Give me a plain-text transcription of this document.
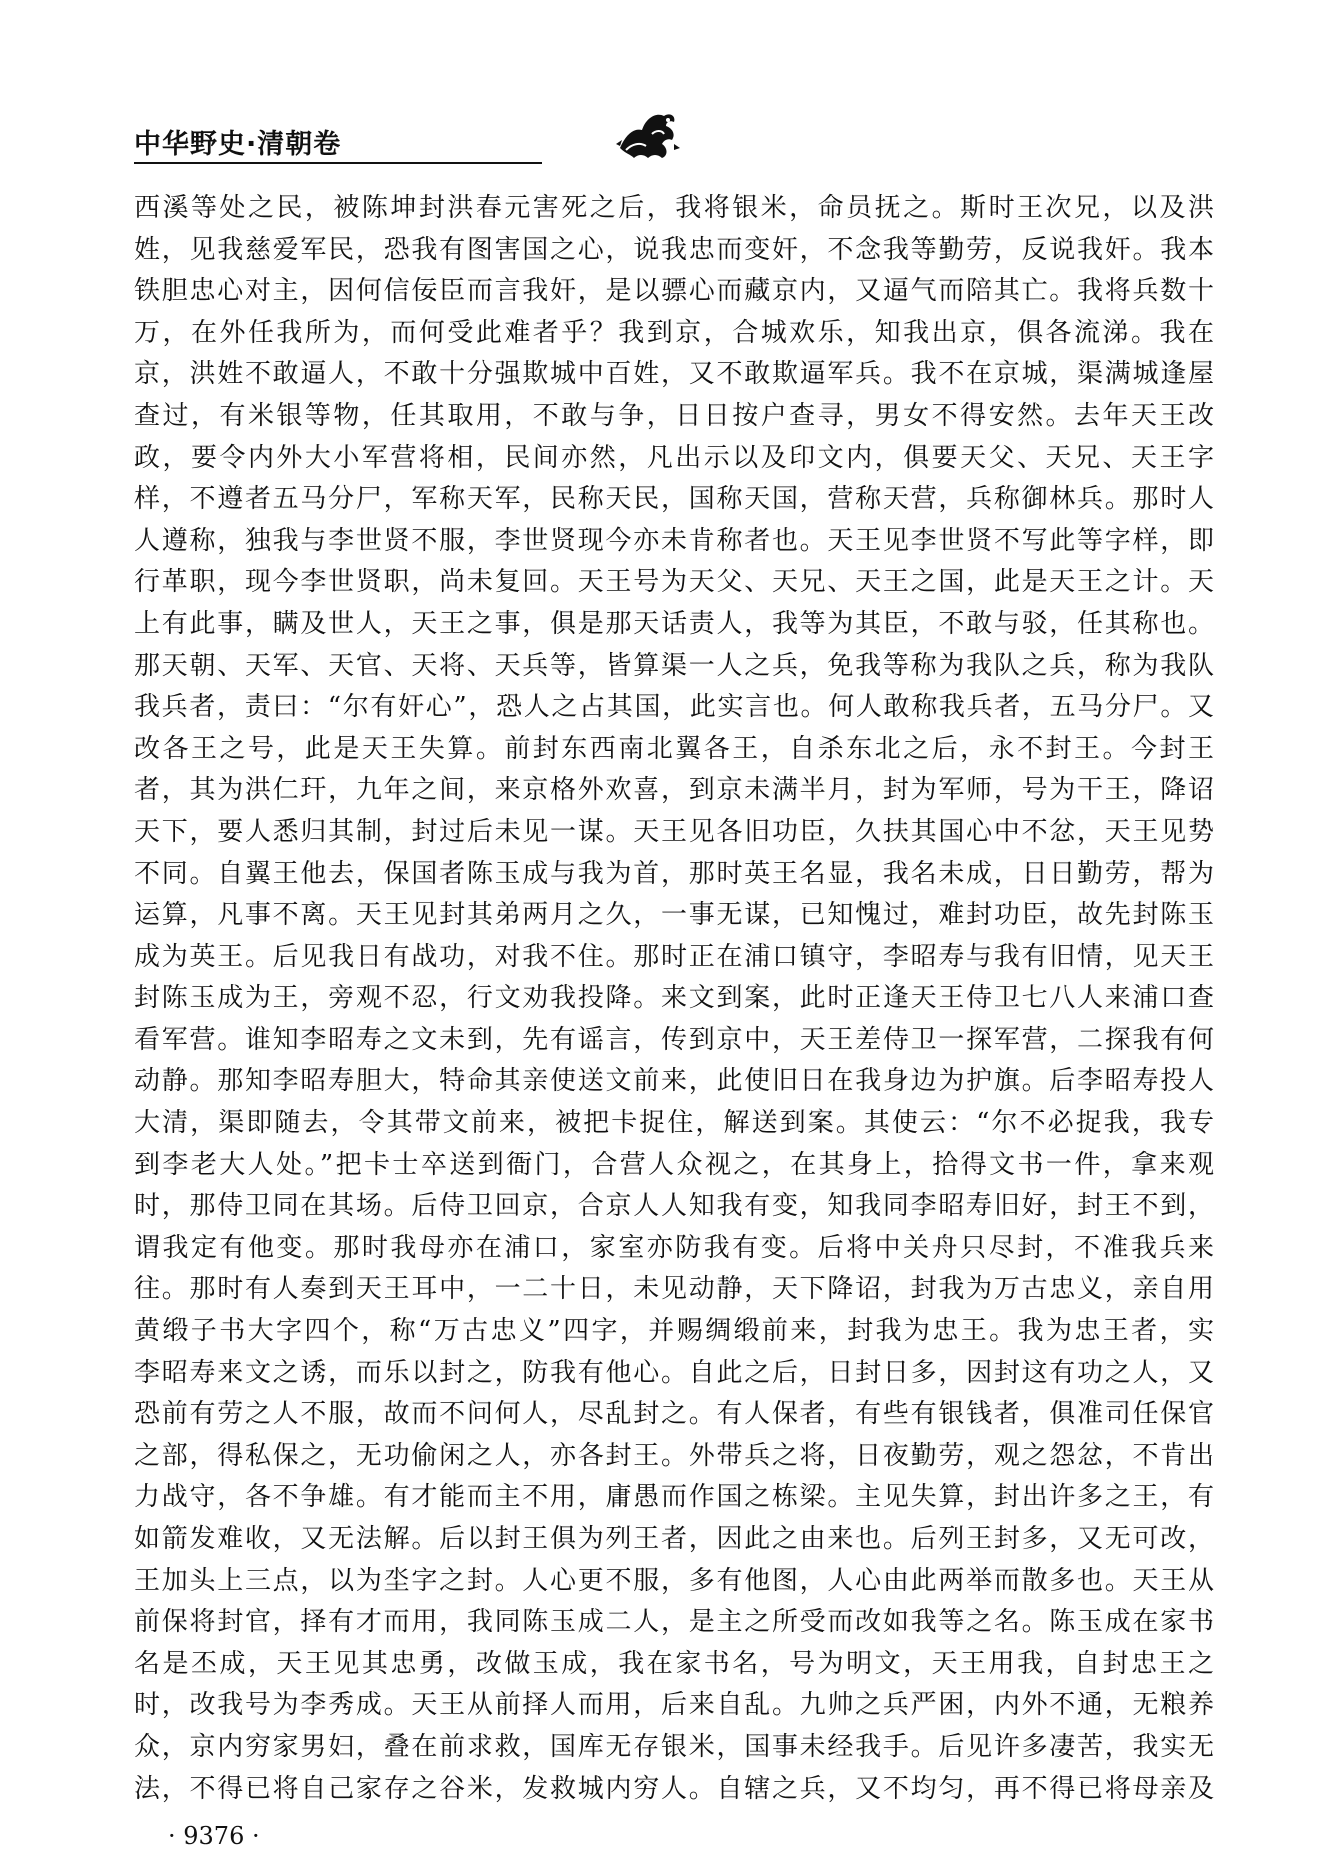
中华野史·清朝卷
西溪等处之民，被陈坤封洪春元害死之后，我将银米，命员抚之。斯时王次兄，以及洪
姓，见我慈爱军民，恐我有图害国之心，说我忠而变奸，不念我等勤劳，反说我奸。我本
铁胆忠心对主，因何信佞臣而言我奸，是以骠心而藏京内，又逼气而陪其亡。我将兵数十
万，在外任我所为，而何受此难者乎？我到京，合城欢乐，知我出京，俱各流涕。我在
京，洪姓不敢逼人，不敢十分强欺城中百姓，又不敢欺逼军兵。我不在京城，渠满城逢屋
查过，有米银等物，任其取用，不敢与争，日日按户查寻，男女不得安然。去年天王改
政，要令内外大小军营将相，民间亦然，凡出示以及印文内，俱要天父、天兄、天王字
样，不遵者五马分尸，军称天军，民称天民，国称天国，营称天营，兵称御林兵。那时人
人遵称，独我与李世贤不服，李世贤现今亦未肯称者也。天王见李世贤不写此等字样，即
行革职，现今李世贤职，尚未复回。天王号为天父、天兄、天王之国，此是天王之计。天
上有此事，瞒及世人，天王之事，俱是那天话责人，我等为其臣，不敢与驳，任其称也。
那天朝、天军、天官、天将、天兵等，皆算渠一人之兵，免我等称为我队之兵，称为我队
我兵者，责曰：“尔有奸心”，恐人之占其国，此实言也。何人敢称我兵者，五马分尸。又
改各王之号，此是天王失算。前封东西南北翼各王，自杀东北之后，永不封王。今封王
者，其为洪仁玕，九年之间，来京格外欢喜，到京未满半月，封为军师，号为干王，降诏
天下，要人悉归其制，封过后未见一谋。天王见各旧功臣，久扶其国心中不忿，天王见势
不同。自翼王他去，保国者陈玉成与我为首，那时英王名显，我名未成，日日勤劳，帮为
运算，凡事不离。天王见封其弟两月之久，一事无谋，已知愧过，难封功臣，故先封陈玉
成为英王。后见我日有战功，对我不住。那时正在浦口镇守，李昭寿与我有旧情，见天王
封陈玉成为王，旁观不忍，行文劝我投降。来文到案，此时正逢天王侍卫七八人来浦口查
看军营。谁知李昭寿之文未到，先有谣言，传到京中，天王差侍卫一探军营，二探我有何
动静。那知李昭寿胆大，特命其亲使送文前来，此使旧日在我身边为护旗。后李昭寿投人
大清，渠即随去，令其带文前来，被把卡捉住，解送到案。其使云：“尔不必捉我，我专
到李老大人处。”把卡士卒送到衙门，合营人众视之，在其身上，拾得文书一件，拿来观
时，那侍卫同在其场。后侍卫回京，合京人人知我有变，知我同李昭寿旧好，封王不到，
谓我定有他变。那时我母亦在浦口，家室亦防我有变。后将中关舟只尽封，不准我兵来
往。那时有人奏到天王耳中，一二十日，未见动静，天下降诏，封我为万古忠义，亲自用
黄缎子书大字四个，称“万古忠义”四字，并赐绸缎前来，封我为忠王。我为忠王者，实
李昭寿来文之诱，而乐以封之，防我有他心。自此之后，日封日多，因封这有功之人，又
恐前有劳之人不服，故而不问何人，尽乱封之。有人保者，有些有银钱者，俱准司任保官
之部，得私保之，无功偷闲之人，亦各封王。外带兵之将，日夜勤劳，观之怨忿，不肯出
力战守，各不争雄。有才能而主不用，庸愚而作国之栋梁。主见失算，封出许多之王，有
如箭发难收，又无法解。后以封王俱为列王者，因此之由来也。后列王封多，又无可改，
王加头上三点，以为坔字之封。人心更不服，多有他图，人心由此两举而散多也。天王从
前保将封官，择有才而用，我同陈玉成二人，是主之所受而改如我等之名。陈玉成在家书
名是丕成，天王见其忠勇，改做玉成，我在家书名，号为明文，天王用我，自封忠王之
时，改我号为李秀成。天王从前择人而用，后来自乱。九帅之兵严困，内外不通，无粮养
众，京内穷家男妇，叠在前求救，国库无存银米，国事未经我手。后见许多凄苦，我实无
法，不得已将自己家存之谷米，发救城内穷人。自辖之兵，又不均匀，再不得已将母亲及
· 9376 ·
